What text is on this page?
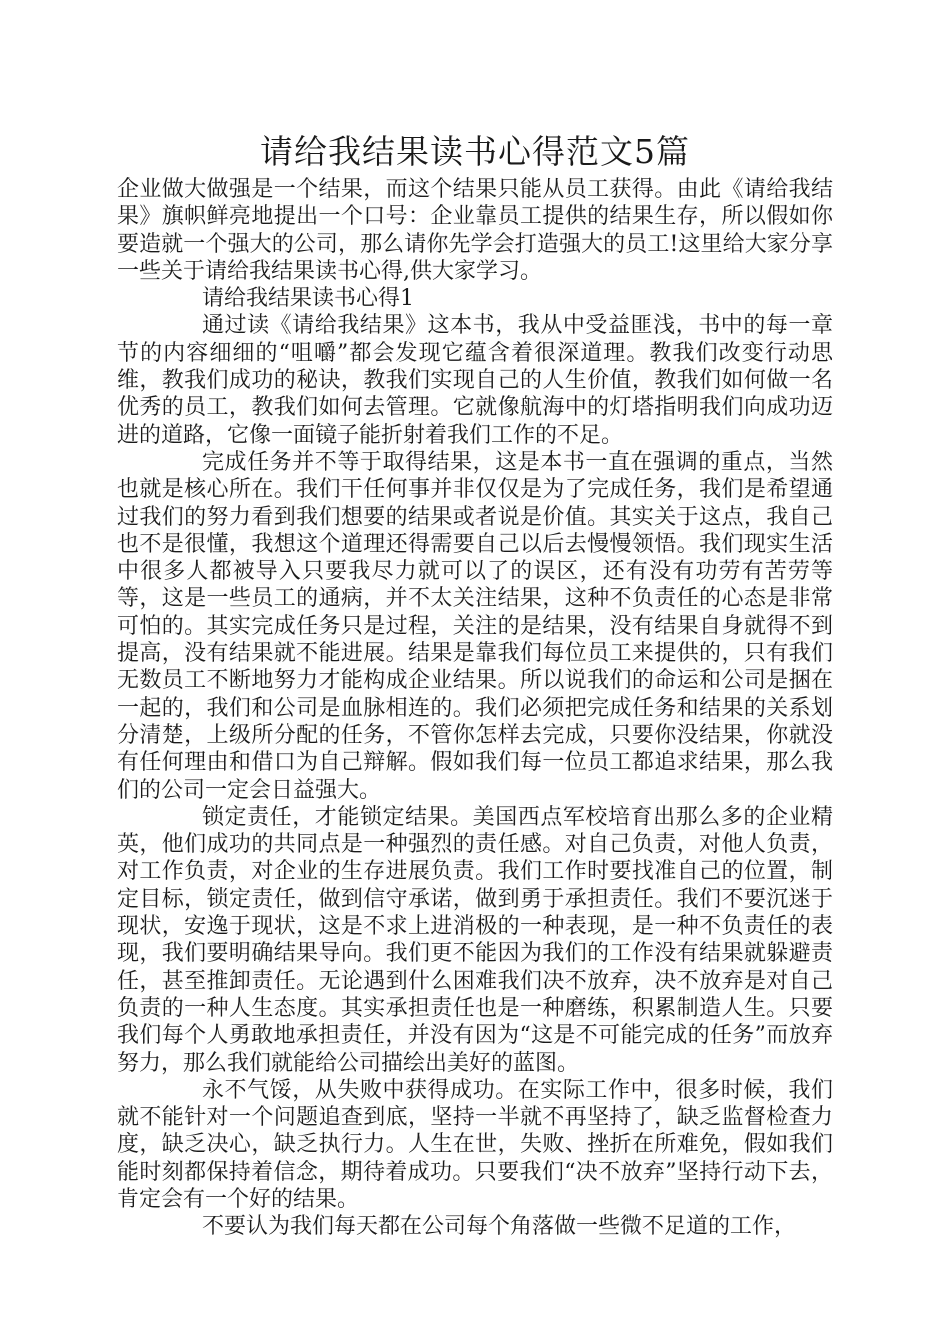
请给我结果读书心得范文5篇

企业做大做强是一个结果，而这个结果只能从员工获得。由此《请给我结果》旗帜鲜亮地提出一个口号：企业靠员工提供的结果生存，所以假如你要造就一个强大的公司，那么请你先学会打造强大的员工!这里给大家分享一些关于请给我结果读书心得,供大家学习。

请给我结果读书心得1

通过读《请给我结果》这本书，我从中受益匪浅，书中的每一章节的内容细细的“咀嚼”都会发现它蕴含着很深道理。教我们改变行动思维，教我们成功的秘诀，教我们实现自己的人生价值，教我们如何做一名优秀的员工，教我们如何去管理。它就像航海中的灯塔指明我们向成功迈进的道路，它像一面镜子能折射着我们工作的不足。

完成任务并不等于取得结果，这是本书一直在强调的重点，当然也就是核心所在。我们干任何事并非仅仅是为了完成任务，我们是希望通过我们的努力看到我们想要的结果或者说是价值。其实关于这点，我自己也不是很懂，我想这个道理还得需要自己以后去慢慢领悟。我们现实生活中很多人都被导入只要我尽力就可以了的误区，还有没有功劳有苦劳等等，这是一些员工的通病，并不太关注结果，这种不负责任的心态是非常可怕的。其实完成任务只是过程，关注的是结果，没有结果自身就得不到提高，没有结果就不能进展。结果是靠我们每位员工来提供的，只有我们无数员工不断地努力才能构成企业结果。所以说我们的命运和公司是捆在一起的，我们和公司是血脉相连的。我们必须把完成任务和结果的关系划分清楚，上级所分配的任务，不管你怎样去完成，只要你没结果，你就没有任何理由和借口为自己辩解。假如我们每一位员工都追求结果，那么我们的公司一定会日益强大。

锁定责任，才能锁定结果。美国西点军校培育出那么多的企业精英，他们成功的共同点是一种强烈的责任感。对自己负责，对他人负责，对工作负责，对企业的生存进展负责。我们工作时要找准自己的位置，制定目标，锁定责任，做到信守承诺，做到勇于承担责任。我们不要沉迷于现状，安逸于现状，这是不求上进消极的一种表现，是一种不负责任的表现，我们要明确结果导向。我们更不能因为我们的工作没有结果就躲避责任，甚至推卸责任。无论遇到什么困难我们决不放弃，决不放弃是对自己负责的一种人生态度。其实承担责任也是一种磨练，积累制造人生。只要我们每个人勇敢地承担责任，并没有因为“这是不可能完成的任务”而放弃努力，那么我们就能给公司描绘出美好的蓝图。

永不气馁，从失败中获得成功。在实际工作中，很多时候，我们就不能针对一个问题追查到底，坚持一半就不再坚持了，缺乏监督检查力度，缺乏决心，缺乏执行力。人生在世，失败、挫折在所难免，假如我们能时刻都保持着信念，期待着成功。只要我们“决不放弃”坚持行动下去，肯定会有一个好的结果。

不要认为我们每天都在公司每个角落做一些微不足道的工作，
